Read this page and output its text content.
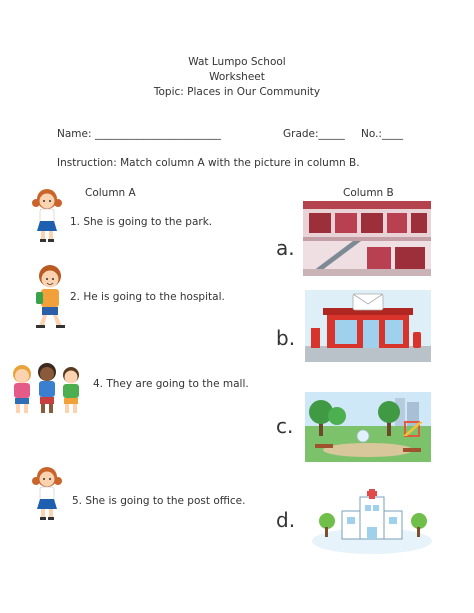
Wat Lumpo School
Worksheet
Topic: Places in Our Community
Name: ________________________	Grade:_____ No.:____
Instruction: Match column A with the picture in column B.
Column A	Column B
1. She is going to the park.
2. He is going to the hospital.
4. They are going to the mall.
5. She is going to the post office.
a.
b.
c.
d.
